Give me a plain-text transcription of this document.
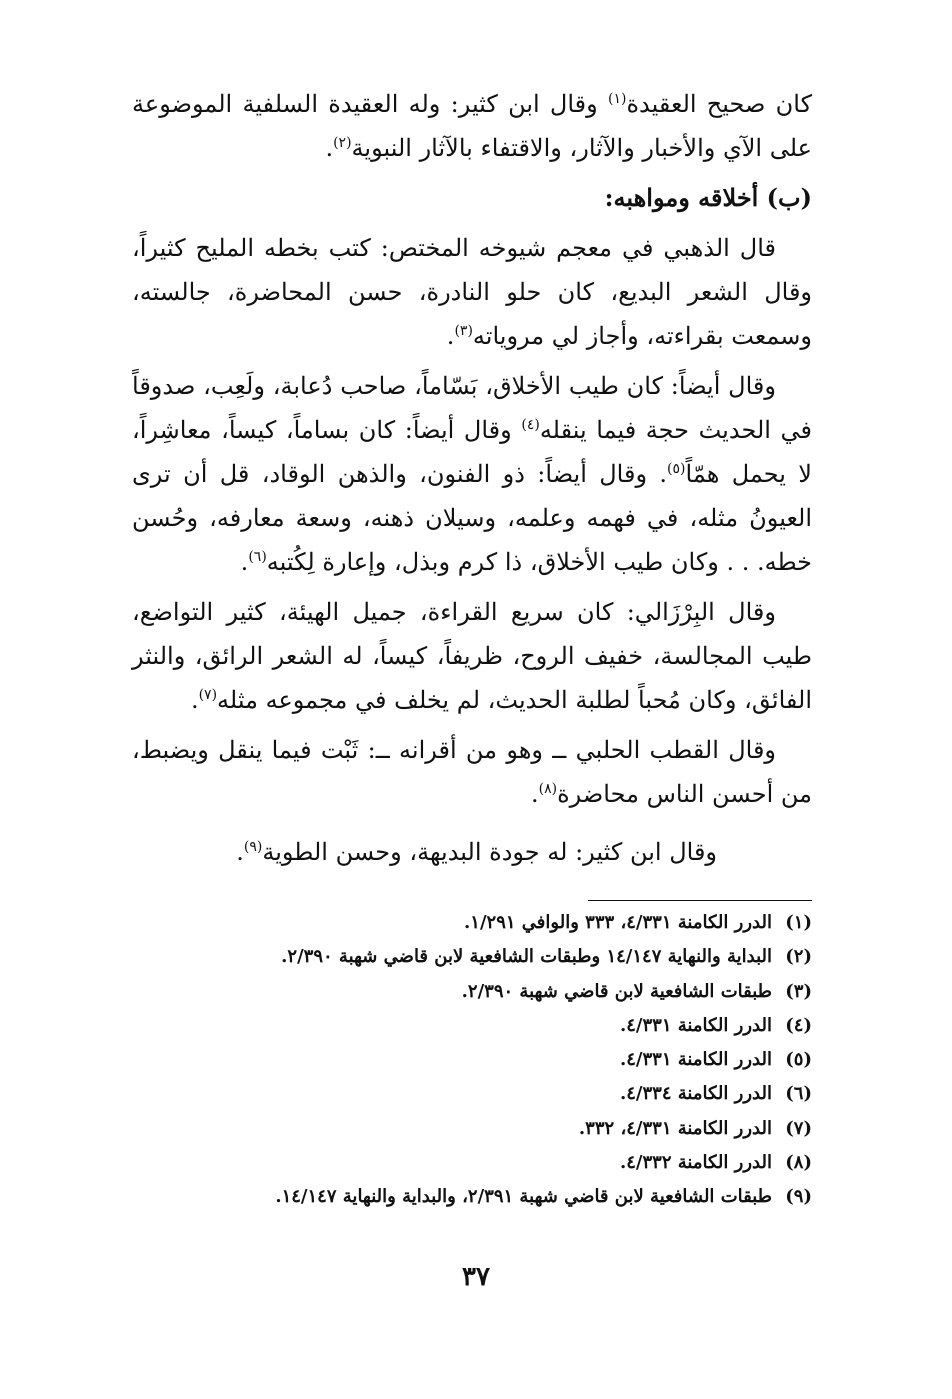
كان صحيح العقيدة$^{(١)}$ وقال ابن كثير: وله العقيدة السلفية الموضوعة على الآي والأخبار والآثار، والاقتفاء بالآثار النبوية$^{(٢)}$.

(ب) أخلاقه ومواهبه:

قال الذهبي في معجم شيوخه المختص: كتب بخطه المليح كثيراً، وقال الشعر البديع، كان حلو النادرة، حسن المحاضرة، جالسته، وسمعت بقراءته، وأجاز لي مروياته$^{(٣)}$.

وقال أيضاً: كان طيب الأخلاق، بَسّاماً، صاحب دُعابة، ولَعِب، صدوقاً في الحديث حجة فيما ينقله$^{(٤)}$ وقال أيضاً: كان بساماً، كيساً، معاشِراً، لا يحمل همّاً$^{(٥)}$. وقال أيضاً: ذو الفنون، والذهن الوقاد، قل أن ترى العيونُ مثله، في فهمه وعلمه، وسيلان ذهنه، وسعة معارفه، وحُسن خطه. . . وكان طيب الأخلاق، ذا كرم وبذل، وإعارة لِكُتبه$^{(٦)}$.

وقال البِرْزَالي: كان سريع القراءة، جميل الهيئة، كثير التواضع، طيب المجالسة، خفيف الروح، ظريفاً، كيساً، له الشعر الرائق، والنثر الفائق، وكان مُحباً لطلبة الحديث، لم يخلف في مجموعه مثله$^{(٧)}$.

وقال القطب الحلبي ــ وهو من أقرانه ــ: ثَبْت فيما ينقل ويضبط، من أحسن الناس محاضرة$^{(٨)}$.

وقال ابن كثير: له جودة البديهة، وحسن الطوية$^{(٩)}$.

(١)
الدرر الكامنة ٤/٣٣١، ٣٣٣ والوافي ١/٢٩١.
(٢)
البداية والنهاية ١٤/١٤٧ وطبقات الشافعية لابن قاضي شهبة ٢/٣٩٠.
(٣)
طبقات الشافعية لابن قاضي شهبة ٢/٣٩٠.
(٤)
الدرر الكامنة ٤/٣٣١.
(٥)
الدرر الكامنة ٤/٣٣١.
(٦)
الدرر الكامنة ٤/٣٣٤.
(٧)
الدرر الكامنة ٤/٣٣١، ٣٣٢.
(٨)
الدرر الكامنة ٤/٣٣٢.
(٩)
طبقات الشافعية لابن قاضي شهبة ٢/٣٩١، والبداية والنهاية ١٤/١٤٧.
٣٧
